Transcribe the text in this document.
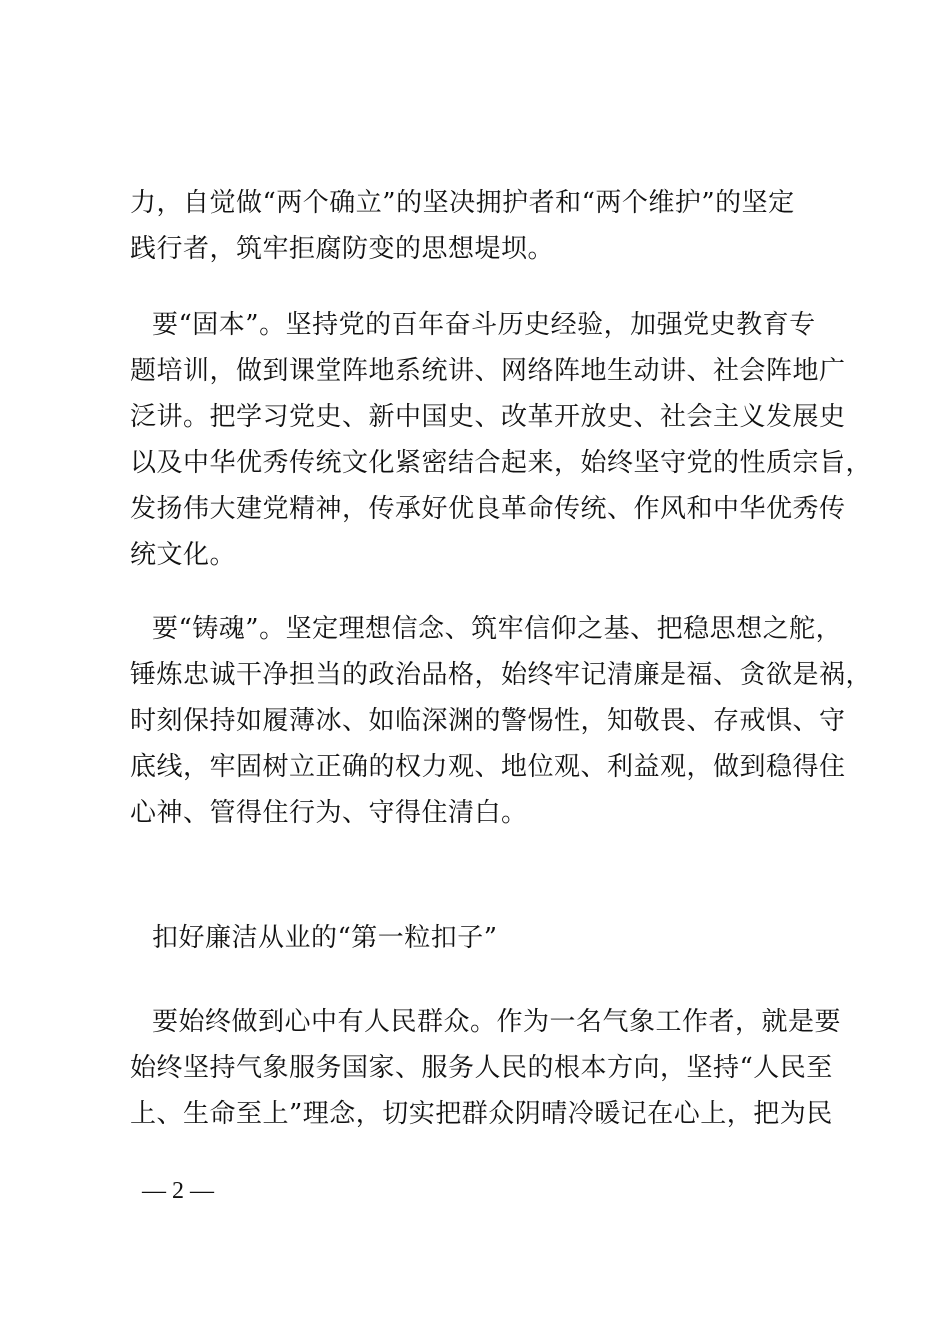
力，自觉做“两个确立”的坚决拥护者和“两个维护”的坚定
践行者，筑牢拒腐防变的思想堤坝。
要“固本”。坚持党的百年奋斗历史经验，加强党史教育专
题培训，做到课堂阵地系统讲、网络阵地生动讲、社会阵地广
泛讲。把学习党史、新中国史、改革开放史、社会主义发展史
以及中华优秀传统文化紧密结合起来，始终坚守党的性质宗旨，
发扬伟大建党精神，传承好优良革命传统、作风和中华优秀传
统文化。
要“铸魂”。坚定理想信念、筑牢信仰之基、把稳思想之舵，
锤炼忠诚干净担当的政治品格，始终牢记清廉是福、贪欲是祸，
时刻保持如履薄冰、如临深渊的警惕性，知敬畏、存戒惧、守
底线，牢固树立正确的权力观、地位观、利益观，做到稳得住
心神、管得住行为、守得住清白。
扣好廉洁从业的“第一粒扣子”
要始终做到心中有人民群众。作为一名气象工作者，就是要
始终坚持气象服务国家、服务人民的根本方向，坚持“人民至
上、生命至上”理念，切实把群众阴晴冷暖记在心上，把为民
— 2 —
